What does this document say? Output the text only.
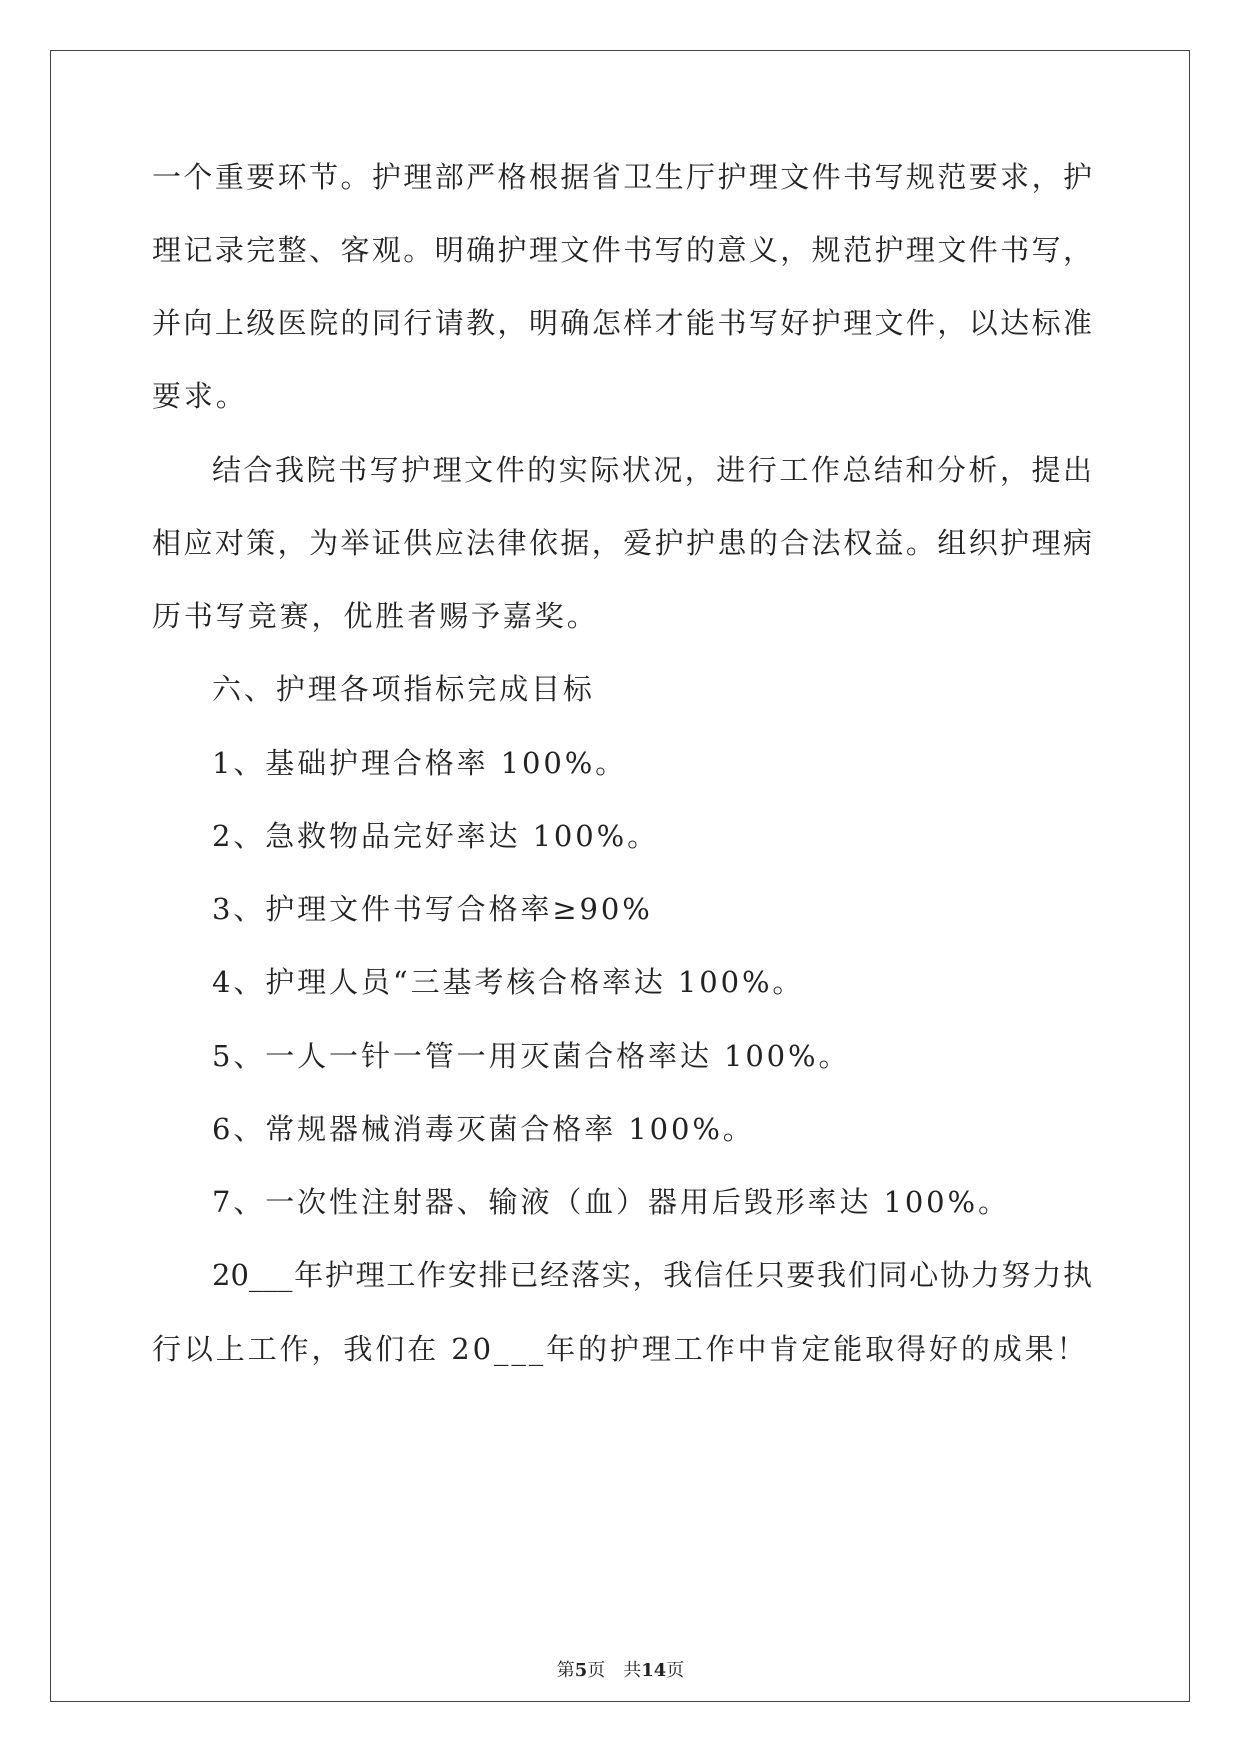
一个重要环节。护理部严格根据省卫生厅护理文件书写规范要求，护
理记录完整、客观。明确护理文件书写的意义，规范护理文件书写，
并向上级医院的同行请教，明确怎样才能书写好护理文件，以达标准
要求。
结合我院书写护理文件的实际状况，进行工作总结和分析，提出
相应对策，为举证供应法律依据，爱护护患的合法权益。组织护理病
历书写竞赛，优胜者赐予嘉奖。
六、护理各项指标完成目标
1、基础护理合格率 100%。
2、急救物品完好率达 100%。
3、护理文件书写合格率≥90%
4、护理人员“三基考核合格率达 100%。
5、一人一针一管一用灭菌合格率达 100%。
6、常规器械消毒灭菌合格率 100%。
7、一次性注射器、输液（血）器用后毁形率达 100%。
20___年护理工作安排已经落实，我信任只要我们同心协力努力执
行以上工作，我们在 20___年的护理工作中肯定能取得好的成果！
第5页 共14页
